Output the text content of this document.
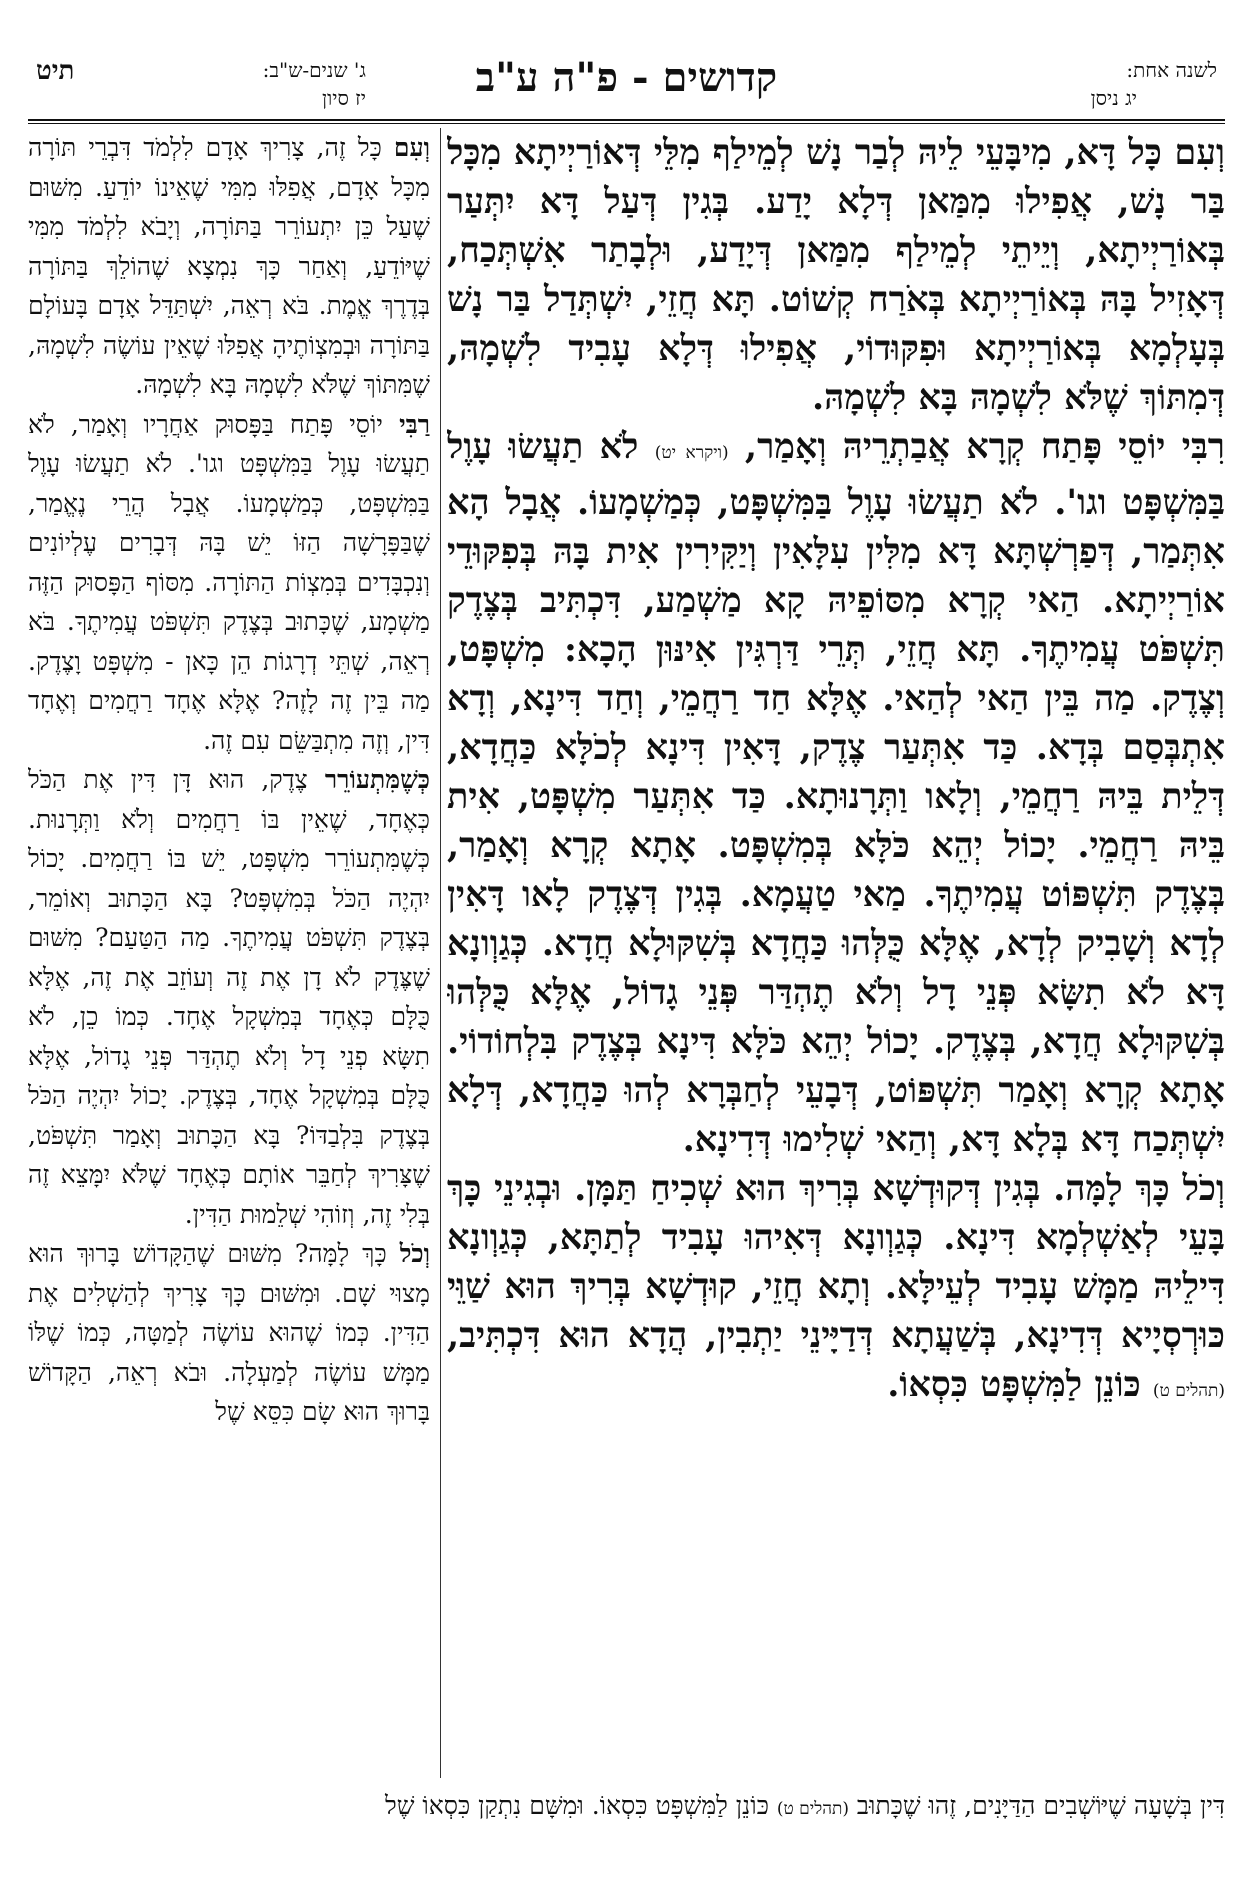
לשנה אחת:
יג ניסן
קדושים - פ"ה ע"ב
ג' שנים-ש"ב:
יז סיון
תיט

וְעִם כָּל דָּא, מִיבָּעֵי לֵיהּ לְבַר נָשׁ לְמֵילַף מִלֵּי דְּאוֹרַיְיתָא מִכָּל בַּר נָשׁ, אֲפִילוּ מִמַּאן דְּלָא יָדַע. בְּגִין דְּעַל דָּא יִתְּעַר בְּאוֹרַיְיתָא, וְיֵיתֵי לְמֵילַף מִמַּאן דְּיָדַע, וּלְבָתַר אִשְׁתְּכַח, דְּאָזִיל בָּהּ בְּאוֹרַיְיתָא בְּאֹרַח קְשׁוֹט. תָּא חֲזֵי, יִשְׁתְּדַל בַּר נָשׁ בְּעָלְמָא בְּאוֹרַיְיתָא וּפִקּוּדוֹי, אֲפִילוּ דְּלָא עָבִיד לִשְׁמָהּ, דְּמִתּוֹךְ שֶׁלֹּא לִשְׁמָהּ בָּא לִשְׁמָהּ.

רִבִּי יוֹסֵי פָּתַח קְרָא אֲבַתְרֵיהּ וְאָמַר, (ויקרא יט) לֹא תַעֲשׂוּ עָוֶל בַּמִּשְׁפָּט וגו'. לֹא תַעֲשׂוּ עָוֶל בַּמִּשְׁפָּט, כְּמַשְׁמָעוֹ. אֲבָל הָא אִתְּמַר, דְּפַרְשְׁתָּא דָּא מִלִּין עִלָּאִין וְיַקִּירִין אִית בָּהּ בְּפִקּוּדֵי אוֹרַיְיתָא. הַאי קְרָא מִסּוֹפֵיהּ קָא מַשְׁמַע, דִּכְתִּיב בְּצֶדֶק תִּשְׁפֹּט עֲמִיתֶךָ. תָּא חֲזֵי, תְּרֵי דַּרְגִּין אִינּוּן הָכָא: מִשְׁפָּט, וְצֶדֶק. מַה בֵּין הַאי לְהַאי. אֶלָּא חַד רַחֲמֵי, וְחַד דִּינָא, וְדָא אִתְבְּסַם בְּדָא. כַּד אִתְּעַר צֶדֶק, דָּאִין דִּינָא לְכֹלָּא כַּחֲדָא, דְּלֵית בֵּיהּ רַחֲמֵי, וְלָאו וַתְּרָנוּתָא. כַּד אִתְּעַר מִשְׁפָּט, אִית בֵּיהּ רַחֲמֵי. יָכוֹל יְהֵא כֹּלָּא בְּמִשְׁפָּט. אָתָא קְרָא וְאָמַר, בְּצֶדֶק תִּשְׁפּוֹט עֲמִיתֶךָ. מַאי טַעֲמָא. בְּגִין דְּצֶדֶק לָאו דָּאִין לְדָא וְשָׁבִיק לְדָא, אֶלָּא כֻּלְּהוּ כַּחֲדָא בְּשִׁקּוּלָא חֲדָא. כְּגַוְונָא דָּא לֹא תִשָּׂא פְּנֵי דָל וְלֹא תֶהְדַּר פְּנֵי גָדוֹל, אֶלָּא כֻּלְּהוּ בְּשִׁקּוּלָא חֲדָא, בְּצֶדֶק. יָכוֹל יְהֵא כֹּלָּא דִּינָא בְּצֶדֶק בִּלְחוֹדוֹי. אָתָא קְרָא וְאָמַר תִּשְׁפּוֹט, דְּבָעֵי לְחַבְּרָא לְהוּ כַּחֲדָא, דְּלָא יִשְׁתְּכַח דָּא בְּלָא דָּא, וְהַאי שְׁלִימוּ דְּדִינָא.

וְכֹל כָּךְ לָמָּה. בְּגִין דְּקוּדְשָׁא בְּרִיךְ הוּא שְׁכִיחַ תַּמָּן. וּבְגִינֵי כָּךְ בָּעֵי לְאַשְׁלְמָא דִּינָא. כְּגַוְונָא דְּאִיהוּ עָבִיד לְתַתָּא, כְּגַוְונָא דִּילֵיהּ מַמָּשׁ עָבִיד לְעֵילָּא. וְתָא חֲזֵי, קוּדְשָׁא בְּרִיךְ הוּא שַׁוֵּי כּוּרְסְיָיא דְּדִינָא, בְּשַׁעֲתָא דְּדַיָּינֵי יַתְבִין, הֲדָא הוּא דִּכְתִּיב, (תהלים ט) כּוֹנֵן לַמִּשְׁפָּט כִּסְאוֹ.

וְעִם כָּל זֶה, צָרִיךְ אָדָם לִלְמֹד דִּבְרֵי תּוֹרָה מִכָּל אָדָם, אֲפִלּוּ מִמִּי שֶׁאֵינוֹ יוֹדֵעַ. מִשּׁוּם שֶׁעַל כֵּן יִתְעוֹרֵר בַּתּוֹרָה, וְיָבֹא לִלְמֹד מִמִּי שֶׁיּוֹדֵעַ, וְאַחַר כָּךְ נִמְצָא שֶׁהוֹלֵךְ בַּתּוֹרָה בְּדֶרֶךְ אֱמֶת. בֹּא רְאֵה, יִשְׁתַּדֵּל אָדָם בָּעוֹלָם בַּתּוֹרָה וּבְמִצְוֹתֶיהָ אֲפִלּוּ שֶׁאֵין עוֹשֶׂה לִשְׁמָהּ, שֶׁמִּתּוֹךְ שֶׁלֹּא לִשְׁמָהּ בָּא לִשְׁמָהּ.

רַבִּי יוֹסֵי פָּתַח בַּפָּסוּק אַחֲרָיו וְאָמַר, לֹא תַעֲשׂוּ עָוֶל בַּמִּשְׁפָּט וגו'. לֹא תַעֲשׂוּ עָוֶל בַּמִּשְׁפָּט, כְּמַשְׁמָעוֹ. אֲבָל הֲרֵי נֶאֱמַר, שֶׁבַּפָּרָשָׁה הַזּוֹ יֵשׁ בָּהּ דְּבָרִים עֶלְיוֹנִים וְנִכְבָּדִים בְּמִצְוֹת הַתּוֹרָה. מִסּוֹף הַפָּסוּק הַזֶּה מַשְׁמָע, שֶׁכָּתוּב בְּצֶדֶק תִּשְׁפֹּט עֲמִיתֶךָ. בֹּא רְאֵה, שְׁתֵּי דְרָגוֹת הֵן כָּאן - מִשְׁפָּט וָצֶדֶק. מַה בֵּין זֶה לָזֶה? אֶלָּא אֶחָד רַחֲמִים וְאֶחָד דִּין, וְזֶה מִתְבַּשֵּׂם עִם זֶה.

כְּשֶׁמִּתְעוֹרֵר צֶדֶק, הוּא דָּן דִּין אֶת הַכֹּל כְּאֶחָד, שֶׁאֵין בּוֹ רַחֲמִים וְלֹא וַתְּרָנוּת. כְּשֶׁמִּתְעוֹרֵר מִשְׁפָּט, יֵשׁ בּוֹ רַחֲמִים. יָכוֹל יִהְיֶה הַכֹּל בְּמִשְׁפָּט? בָּא הַכָּתוּב וְאוֹמֵר, בְּצֶדֶק תִּשְׁפֹּט עֲמִיתֶךָ. מַה הַטַּעַם? מִשּׁוּם שֶׁצֶּדֶק לֹא דָן אֶת זֶה וְעוֹזֵב אֶת זֶה, אֶלָּא כֻּלָּם כְּאֶחָד בְּמִשְׁקָל אֶחָד. כְּמוֹ כֵן, לֹא תִשָּׂא פְנֵי דָל וְלֹא תֶהְדַּר פְּנֵי גָדוֹל, אֶלָּא כֻּלָּם בְּמִשְׁקָל אֶחָד, בְּצֶדֶק. יָכוֹל יִהְיֶה הַכֹּל בְּצֶדֶק בִּלְבַדּוֹ? בָּא הַכָּתוּב וְאָמַר תִּשְׁפֹּט, שֶׁצָּרִיךְ לְחַבֵּר אוֹתָם כְּאֶחָד שֶׁלֹּא יִמָּצֵא זֶה בְּלִי זֶה, וְזוֹהִי שְׁלֵמוּת הַדִּין.

וְכֹל כָּךְ לָמָּה? מִשּׁוּם שֶׁהַקָּדוֹשׁ בָּרוּךְ הוּא מָצוּי שָׁם. וּמִשּׁוּם כָּךְ צָרִיךְ לְהַשְׁלִים אֶת הַדִּין. כְּמוֹ שֶׁהוּא עוֹשֶׂה לְמַטָּה, כְּמוֹ שֶׁלּוֹ מַמָּשׁ עוֹשֶׂה לְמַעְלָה. וּבֹא רְאֵה, הַקָּדוֹשׁ בָּרוּךְ הוּא שָׂם כִּסֵּא שֶׁל

דִּין בְּשָׁעָה שֶׁיּוֹשְׁבִים הַדַּיָּנִים, זֶהוּ שֶׁכָּתוּב (תהלים ט) כּוֹנֵן לַמִּשְׁפָּט כִּסְאוֹ. וּמִשָּׁם נִתְקַן כִּסְאוֹ שֶׁל
